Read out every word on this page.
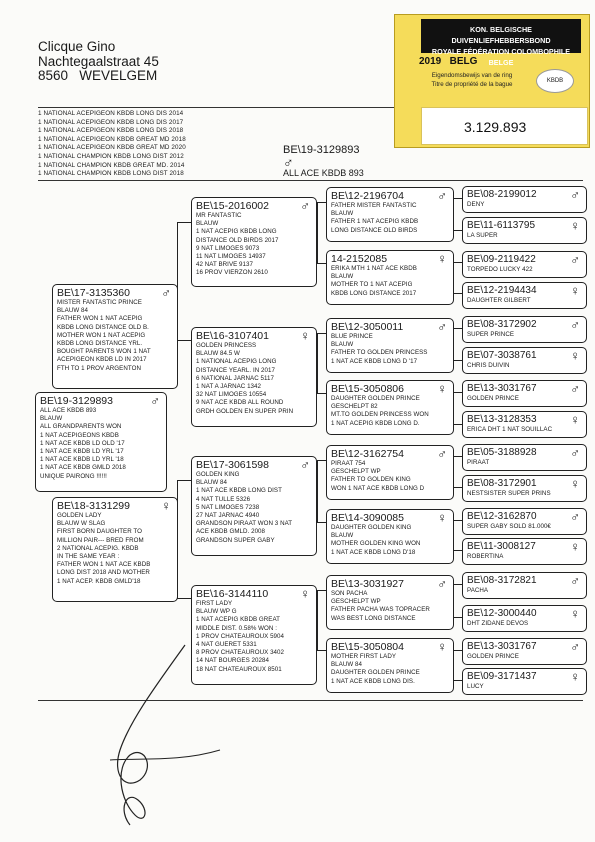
Clicque Gino
Nachtegaalstraat 45
8560   WEVELGEM
1 NATIONAL ACEPIGEON KBDB LONG DIS 2014
1 NATIONAL ACEPIGEON KBDB LONG DIS 2017
1 NATIONAL ACEPIGEON KBDB LONG DIS 2018
1 NATIONAL ACEPIGEON KBDB GREAT MD 2018
1 NATIONAL ACEPIGEON KBDB GREAT MD 2020
1 NATIONAL CHAMPION KBDB LONG DIST 2012
1 NATIONAL CHAMPION KBDB GREAT MD. 2014
1 NATIONAL CHAMPION KBDB LONG DIST 2018
BE\19-3129893
♂
ALL ACE KBDB 893
KON. BELGISCHE DUIVENLIEFHEBBERSBOND
ROYALE FÉDÉRATION COLOMBOPHILE BELGE
2019 BELG
Eigendomsbewijs van de ring
Titre de propriété de la bague	KBDB
3.129.893
BE\17-3135360	♂
MISTER FANTASTIC PRINCE
BLAUW 84
FATHER WON 1 NAT ACEPIG
KBDB LONG DISTANCE OLD B.
MOTHER WON 1 NAT ACEPIG
KBDB LONG DISTANCE YRL.
BOUGHT PARENTS WON 1 NAT
ACEPIGEON KBDB LD IN 2017
FTH TO 1 PROV ARGENTON
BE\19-3129893	♂
ALL ACE KBDB 893
BLAUW
ALL GRANDPARENTS WON
1 NAT ACEPIGEONS KBDB
1 NAT ACE KBDB LD OLD '17
1 NAT ACE KBDB LD YRL '17
1 NAT ACE KBDB LD YRL '18
1 NAT ACE KBDB GMLD 2018
UNIQUE PAIRONG !!!!!!
BE\18-3131299	♀
GOLDEN LADY
BLAUW W SLAG
FIRST BORN DAUGHTER TO
MILLION PAIR--- BRED FROM
2 NATIONAL ACEPIG. KBDB
IN THE SAME YEAR :
FATHER WON 1 NAT ACE KBDB
LONG DIST 2018 AND MOTHER
1 NAT ACEP. KBDB GMLD'18
BE\15-2016002	♂
MR FANTASTIC
BLAUW
1 NAT ACEPIG KBDB LONG
DISTANCE OLD BIRDS 2017
9 NAT LIMOGES 9073
11 NAT LIMOGES 14937
42 NAT BRIVE 9137
16 PROV VIERZON 2610
BE\16-3107401	♀
GOLDEN PRINCESS
BLAUW 84.5 W
1 NATIONAL ACEPIG LONG
DISTANCE YEARL. IN 2017
6 NATIONAL JARNAC 5117
1 NAT A JARNAC 1342
32 NAT LIMOGES 10554
9 NAT ACE KBDB ALL ROUND
GRDH GOLDEN EN SUPER PRIN
BE\17-3061598	♂
GOLDEN KING
BLAUW 84
1 NAT ACE KBDB LONG DIST
4 NAT TULLE 5326
5 NAT LIMOGES 7238
27 NAT JARNAC 4940
GRANDSON PIRAAT WON 3 NAT
ACE KBDB GMLD. 2008
GRANDSON SUPER GABY
BE\16-3144110	♀
FIRST LADY
BLAUW WP G
1 NAT ACEPIG KBDB GREAT
MIDDLE DIST. 0.58% WON :
1 PROV CHATEAUROUX 5904
4 NAT GUERET 5331
8 PROV CHATEAUROUX 3402
14 NAT BOURGES 20284
18 NAT CHATEAUROUX 8501
BE\12-2196704	♂
FATHER MISTER FANTASTIC
BLAUW
FATHER 1 NAT ACEPIG KBDB
LONG DISTANCE OLD BIRDS
14-2152085	♀
ERIKA MTH 1 NAT ACE KBDB
BLAUW
MOTHER TO 1 NAT ACEPIG
KBDB LONG DISTANCE 2017
BE\12-3050011	♂
BLUE PRINCE
BLAUW
FATHER TO GOLDEN PRINCESS
1 NAT ACE KBDB LONG D '17
BE\15-3050806	♀
DAUGHTER GOLDEN PRINCE
GESCHELPT 82
MT.TO GOLDEN PRINCESS WON
1 NAT ACEPIG KBDB LONG D.
BE\12-3162754	♂
PIRAAT 754
GESCHELPT WP
FATHER TO GOLDEN KING
WON 1 NAT ACE KBDB LONG D
BE\14-3090085	♀
DAUGHTER GOLDEN KING
BLAUW
MOTHER GOLDEN KING WON
1 NAT ACE KBDB LONG D'18
BE\13-3031927	♂
SON PACHA
GESCHELPT WP
FATHER PACHA WAS TOPRACER
WAS BEST LONG DISTANCE
BE\15-3050804	♀
MOTHER FIRST LADY
BLAUW 84
DAUGHTER GOLDEN PRINCE
1 NAT ACE KBDB LONG DIS.
BE\08-2199012	♂
DENY
BE\11-6113795	♀
LA SUPER
BE\09-2119422	♂
TORPEDO LUCKY 422
BE\12-2194434	♀
DAUGHTER GILBERT
BE\08-3172902	♂
SUPER PRINCE
BE\07-3038761	♀
CHRIS DUIVIN
BE\13-3031767	♂
GOLDEN PRINCE
BE\13-3128353	♀
ERICA DHT 1 NAT SOUILLAC
BE\05-3188928	♂
PIRAAT
BE\08-3172901	♀
NESTSISTER SUPER PRINS
BE\12-3162870	♂
SUPER GABY SOLD 81.000€
BE\11-3008127	♀
ROBERTINA
BE\08-3172821	♂
PACHA
BE\12-3000440	♀
DHT ZIDANE DEVOS
BE\13-3031767	♂
GOLDEN PRINCE
BE\09-3171437	♀
LUCY
